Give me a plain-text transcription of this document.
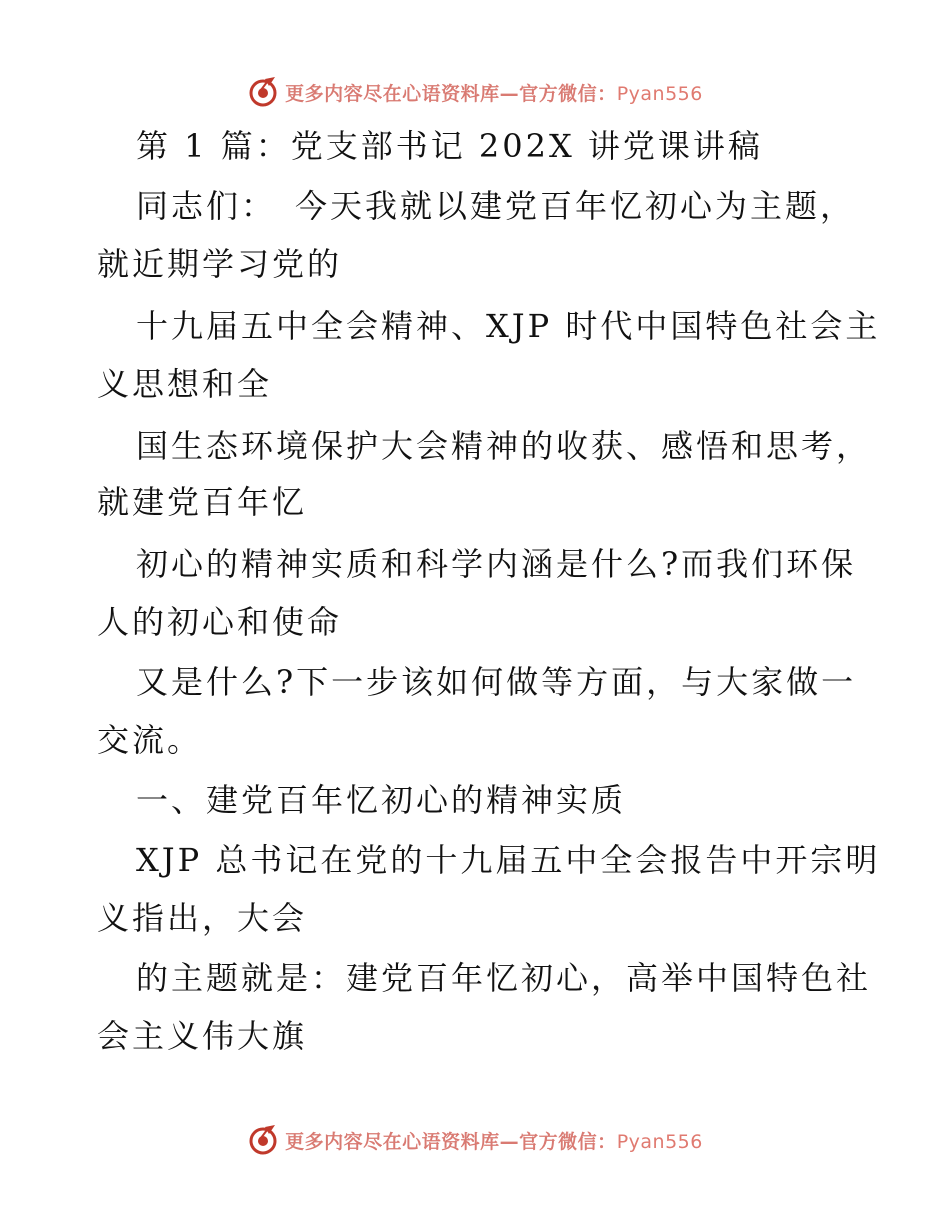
更多内容尽在心语资料库—官方微信：Pyan556
第 1 篇：党支部书记 202X 讲党课讲稿
同志们：　今天我就以建党百年忆初心为主题，
就近期学习党的
十九届五中全会精神、XJP 时代中国特色社会主
义思想和全
国生态环境保护大会精神的收获、感悟和思考，
就建党百年忆
初心的精神实质和科学内涵是什么?而我们环保
人的初心和使命
又是什么?下一步该如何做等方面，与大家做一
交流。
一、建党百年忆初心的精神实质
XJP 总书记在党的十九届五中全会报告中开宗明
义指出，大会
的主题就是：建党百年忆初心，高举中国特色社
会主义伟大旗
更多内容尽在心语资料库—官方微信：Pyan556
